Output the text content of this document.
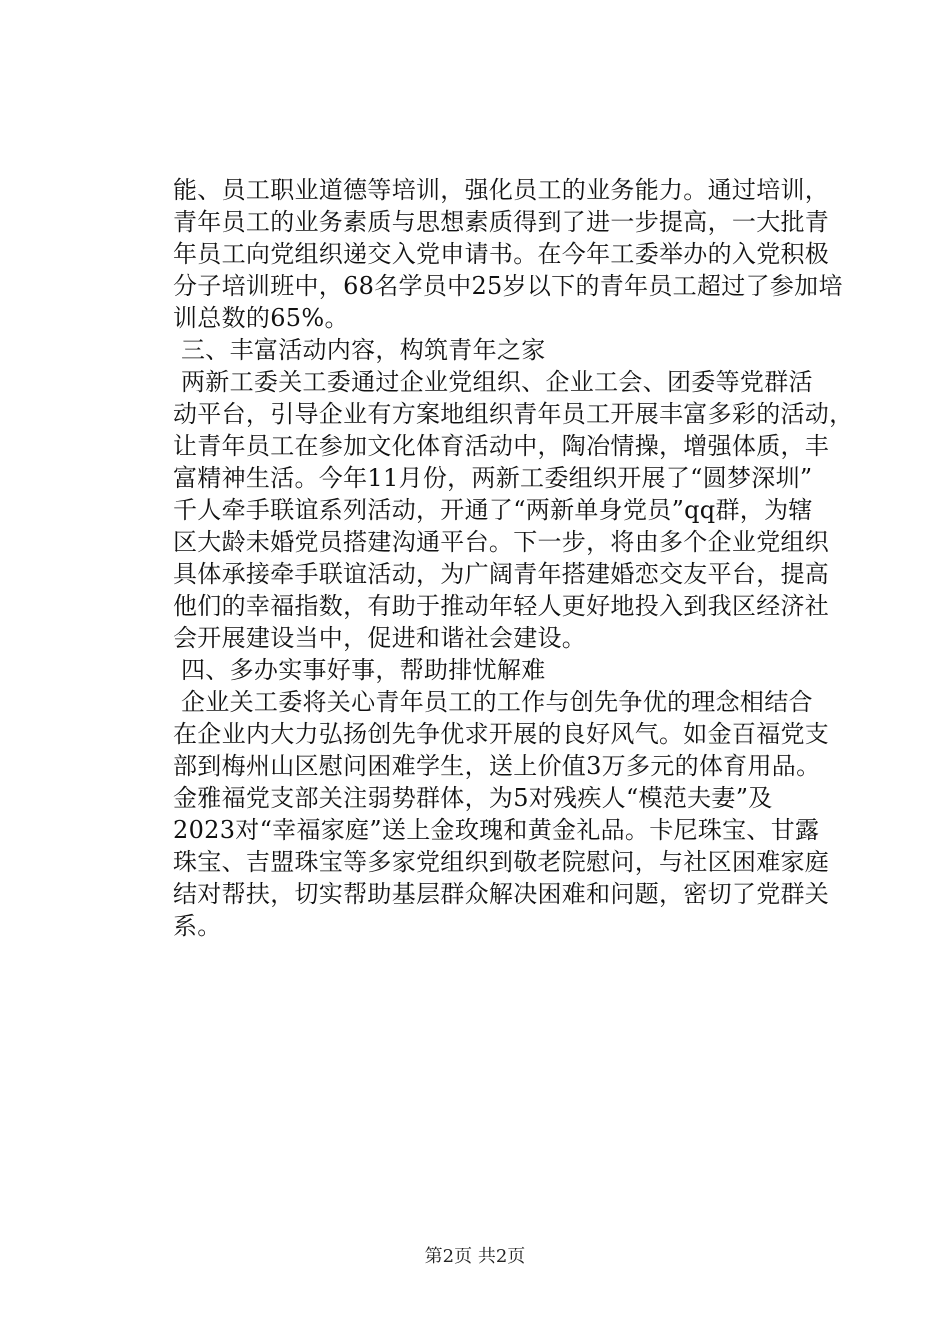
能、员工职业道德等培训，强化员工的业务能力。通过培训，
青年员工的业务素质与思想素质得到了进一步提高，一大批青
年员工向党组织递交入党申请书。在今年工委举办的入党积极
分子培训班中，68名学员中25岁以下的青年员工超过了参加培
训总数的65%。
三、丰富活动内容，构筑青年之家
两新工委关工委通过企业党组织、企业工会、团委等党群活
动平台，引导企业有方案地组织青年员工开展丰富多彩的活动，
让青年员工在参加文化体育活动中，陶冶情操，增强体质，丰
富精神生活。今年11月份，两新工委组织开展了“圆梦深圳”
千人牵手联谊系列活动，开通了“两新单身党员”qq群，为辖
区大龄未婚党员搭建沟通平台。下一步，将由多个企业党组织
具体承接牵手联谊活动，为广阔青年搭建婚恋交友平台，提高
他们的幸福指数，有助于推动年轻人更好地投入到我区经济社
会开展建设当中，促进和谐社会建设。
四、多办实事好事，帮助排忧解难
企业关工委将关心青年员工的工作与创先争优的理念相结合
在企业内大力弘扬创先争优求开展的良好风气。如金百福党支
部到梅州山区慰问困难学生，送上价值3万多元的体育用品。
金雅福党支部关注弱势群体，为5对残疾人“模范夫妻”及
2023对“幸福家庭”送上金玫瑰和黄金礼品。卡尼珠宝、甘露
珠宝、吉盟珠宝等多家党组织到敬老院慰问，与社区困难家庭
结对帮扶，切实帮助基层群众解决困难和问题，密切了党群关
系。
第2页 共2页
